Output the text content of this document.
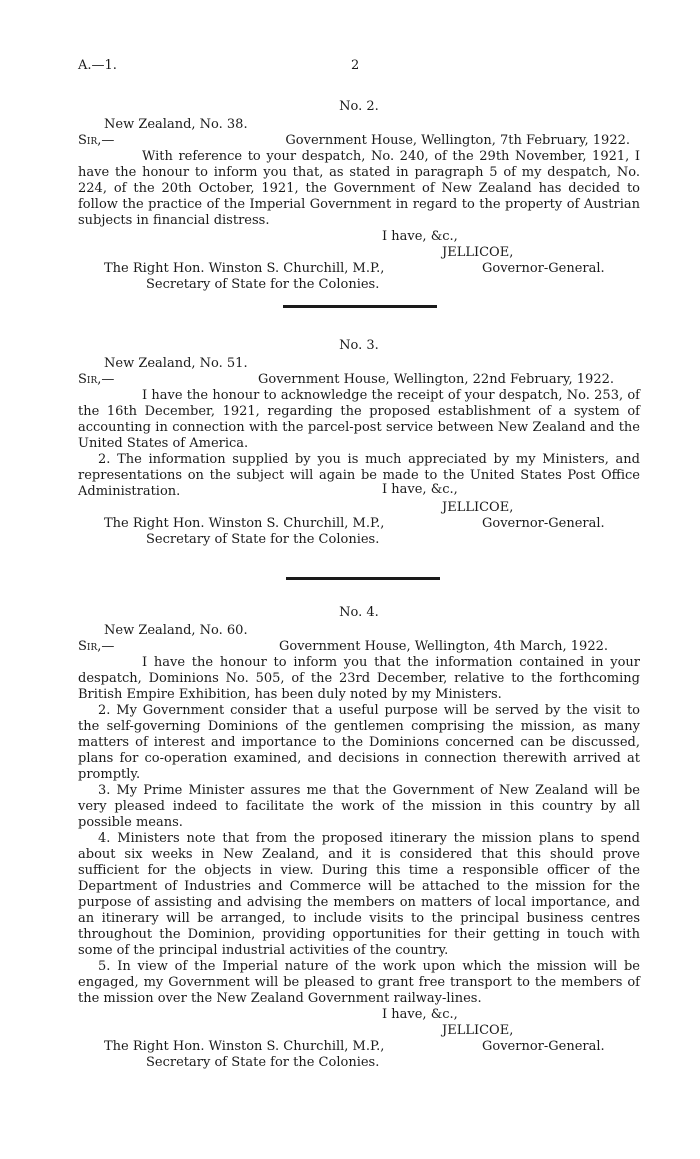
A.—1.	2
No. 2.
New Zealand, No. 38.
Sir,—	Government House, Wellington, 7th February, 1922.

With reference to your despatch, No. 240, of the 29th November, 1921, I have the honour to inform you that, as stated in paragraph 5 of my despatch, No. 224, of the 20th October, 1921, the Government of New Zealand has decided to follow the practice of the Imperial Government in regard to the property of Austrian subjects in financial distress.

I have, &c.,
JELLICOE,
The Right Hon. Winston S. Churchill, M.P.,	Governor-General.
Secretary of State for the Colonies.
No. 3.
New Zealand, No. 51.
Sir,—	Government House, Wellington, 22nd February, 1922.

I have the honour to acknowledge the receipt of your despatch, No. 253, of the 16th December, 1921, regarding the proposed establishment of a system of accounting in connection with the parcel-post service between New Zealand and the United States of America.

2. The information supplied by you is much appreciated by my Ministers, and representations on the subject will again be made to the United States Post Office Administration.

JELLICOE,
The Right Hon. Winston S. Churchill, M.P.,	Governor-General.
Secretary of State for the Colonies.
I have, &c.,
No. 4.
New Zealand, No. 60.
Sir,—	Government House, Wellington, 4th March, 1922.

I have the honour to inform you that the information contained in your despatch, Dominions No. 505, of the 23rd December, relative to the forthcoming British Empire Exhibition, has been duly noted by my Ministers.

2. My Government consider that a useful purpose will be served by the visit to the self-governing Dominions of the gentlemen comprising the mission, as many matters of interest and importance to the Dominions concerned can be discussed, plans for co-operation examined, and decisions in connection therewith arrived at promptly.

3. My Prime Minister assures me that the Government of New Zealand will be very pleased indeed to facilitate the work of the mission in this country by all possible means.

4. Ministers note that from the proposed itinerary the mission plans to spend about six weeks in New Zealand, and it is considered that this should prove sufficient for the objects in view. During this time a responsible officer of the Department of Industries and Commerce will be attached to the mission for the purpose of assisting and advising the members on matters of local importance, and an itinerary will be arranged, to include visits to the principal business centres throughout the Dominion, providing opportunities for their getting in touch with some of the principal industrial activities of the country.

5. In view of the Imperial nature of the work upon which the mission will be engaged, my Government will be pleased to grant free transport to the members of the mission over the New Zealand Government railway-lines.

I have, &c.,
JELLICOE,
The Right Hon. Winston S. Churchill, M.P.,	Governor-General.
Secretary of State for the Colonies.
